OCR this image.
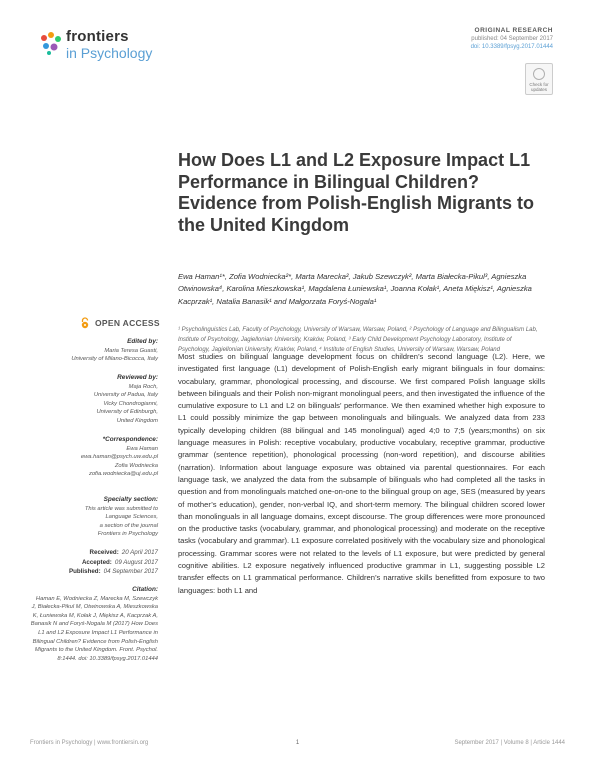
frontiers
in Psychology
ORIGINAL RESEARCH
published: 04 September 2017
doi: 10.3389/fpsyg.2017.01444
Check for updates
How Does L1 and L2 Exposure Impact L1 Performance in Bilingual Children? Evidence from Polish-English Migrants to the United Kingdom
Ewa Haman¹*, Zofia Wodniecka²*, Marta Marecka², Jakub Szewczyk², Marta Białecka-Pikul³, Agnieszka Otwinowska⁴, Karolina Mieszkowska¹, Magdalena Łuniewska¹, Joanna Kołak¹, Aneta Miękisz¹, Agnieszka Kacprzak¹, Natalia Banasik¹ and Małgorzata Foryś-Nogala¹
¹ Psycholinguistics Lab, Faculty of Psychology, University of Warsaw, Warsaw, Poland, ² Psychology of Language and Bilingualism Lab, Institute of Psychology, Jagiellonian University, Kraków, Poland, ³ Early Child Development Psychology Laboratory, Institute of Psychology, Jagiellonian University, Kraków, Poland, ⁴ Institute of English Studies, University of Warsaw, Warsaw, Poland
OPEN ACCESS
Edited by:
Maria Teresa Guasti,
University of Milano-Bicocca, Italy
Reviewed by:
Maja Roch,
University of Padua, Italy
Vicky Chondrogianni,
University of Edinburgh,
United Kingdom
*Correspondence:
Ewa Haman
ewa.haman@psych.uw.edu.pl
Zofia Wodniecka
zofia.wodniecka@uj.edu.pl
Specialty section:
This article was submitted to
Language Sciences,
a section of the journal
Frontiers in Psychology
Received: 20 April 2017
Accepted: 09 August 2017
Published: 04 September 2017
Citation:
Haman E, Wodniecka Z, Marecka M, Szewczyk J, Białecka-Pikul M, Otwinowska A, Mieszkowska K, Łuniewska M, Kołak J, Miękisz A, Kacprzak A, Banasik N and Foryś-Nogala M (2017) How Does L1 and L2 Exposure Impact L1 Performance in Bilingual Children? Evidence from Polish-English Migrants to the United Kingdom. Front. Psychol. 8:1444. doi: 10.3389/fpsyg.2017.01444
Most studies on bilingual language development focus on children’s second language (L2). Here, we investigated first language (L1) development of Polish-English early migrant bilinguals in four domains: vocabulary, grammar, phonological processing, and discourse. We first compared Polish language skills between bilinguals and their Polish non-migrant monolingual peers, and then investigated the influence of the cumulative exposure to L1 and L2 on bilinguals’ performance. We then examined whether high exposure to L1 could possibly minimize the gap between monolinguals and bilinguals. We analyzed data from 233 typically developing children (88 bilingual and 145 monolingual) aged 4;0 to 7;5 (years;months) on six language measures in Polish: receptive vocabulary, productive vocabulary, receptive grammar, productive grammar (sentence repetition), phonological processing (non-word repetition), and discourse abilities (narration). Information about language exposure was obtained via parental questionnaires. For each language task, we analyzed the data from the subsample of bilinguals who had completed all the tasks in question and from monolinguals matched one-on-one to the bilingual group on age, SES (measured by years of mother’s education), gender, non-verbal IQ, and short-term memory. The bilingual children scored lower than monolinguals in all language domains, except discourse. The group differences were more pronounced on the productive tasks (vocabulary, grammar, and phonological processing) and moderate on the receptive tasks (vocabulary and grammar). L1 exposure correlated positively with the vocabulary size and phonological processing. Grammar scores were not related to the levels of L1 exposure, but were predicted by general cognitive abilities. L2 exposure negatively influenced productive grammar in L1, suggesting possible L2 transfer effects on L1 grammatical performance. Children’s narrative skills benefitted from exposure to two languages: both L1 and
Frontiers in Psychology | www.frontiersin.org	1	September 2017 | Volume 8 | Article 1444
